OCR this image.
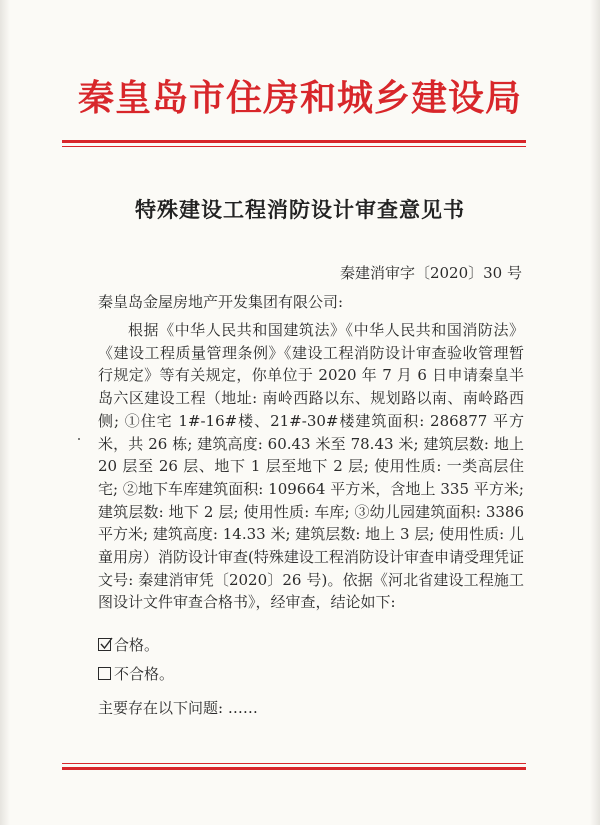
秦皇岛市住房和城乡建设局
特殊建设工程消防设计审查意见书
秦建消审字〔2020〕30 号
秦皇岛金屋房地产开发集团有限公司:
根据《中华人民共和国建筑法》《中华人民共和国消防法》《建设工程质量管理条例》《建设工程消防设计审查验收管理暂行规定》等有关规定，你单位于 2020 年 7 月 6 日申请秦皇半岛六区建设工程（地址: 南岭西路以东、规划路以南、南岭路西侧; ①住宅 1#-16#楼、21#-30#楼建筑面积: 286877 平方米，共 26 栋; 建筑高度: 60.43 米至 78.43 米; 建筑层数: 地上 20 层至 26 层、地下 1 层至地下 2 层; 使用性质: 一类高层住宅; ②地下车库建筑面积: 109664 平方米，含地上 335 平方米; 建筑层数: 地下 2 层; 使用性质: 车库; ③幼儿园建筑面积: 3386 平方米; 建筑高度: 14.33 米; 建筑层数: 地上 3 层; 使用性质: 儿童用房）消防设计审查(特殊建设工程消防设计审查申请受理凭证文号: 秦建消审凭〔2020〕26 号)。依据《河北省建设工程施工图设计文件审查合格书》，经审查，结论如下:
合格。
不合格。
主要存在以下问题: ……
